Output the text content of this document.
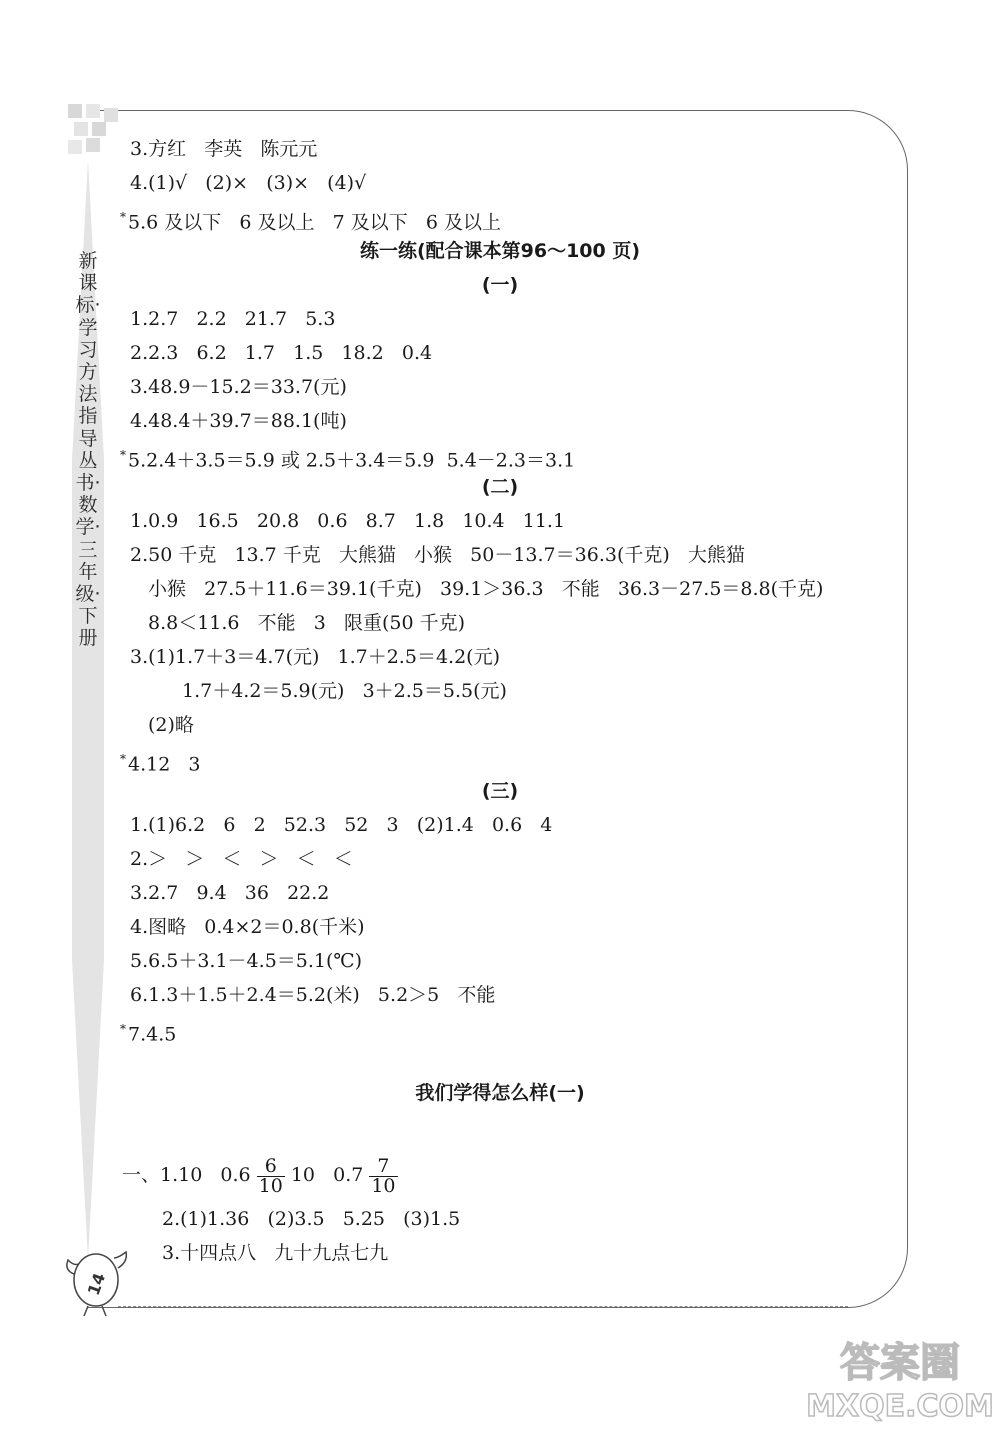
新课标·学习方法指导丛书·数学·三年级·下册
3.方红   李英   陈元元
4.(1)√   (2)×   (3)×   (4)√
* 5.6 及以下   6 及以上   7 及以下   6 及以上
1.2.7   2.2   21.7   5.3
2.2.3   6.2   1.7   1.5   18.2   0.4
3.48.9－15.2＝33.7(元)
4.48.4＋39.7＝88.1(吨)
* 5.2.4＋3.5＝5.9 或 2.5＋3.4＝5.9  5.4－2.3＝3.1
1.0.9   16.5   20.8   0.6   8.7   1.8   10.4   11.1
2.50 千克   13.7 千克   大熊猫   小猴   50－13.7＝36.3(千克)   大熊猫
小猴   27.5＋11.6＝39.1(千克)   39.1＞36.3   不能   36.3－27.5＝8.8(千克)
8.8＜11.6   不能   3   限重(50 千克)
3.(1)1.7＋3＝4.7(元)   1.7＋2.5＝4.2(元)
1.7＋4.2＝5.9(元)   3＋2.5＝5.5(元)
(2)略
* 4.12   3
1.(1)6.2   6   2   52.3   52   3   (2)1.4   0.6   4
2.＞   ＞   ＜   ＞   ＜   ＜
3.2.7   9.4   36   22.2
4.图略   0.4×2＝0.8(千米)
5.6.5＋3.1－4.5＝5.1(℃)
6.1.3＋1.5＋2.4＝5.2(米)   5.2＞5   不能
* 7.4.5
2.(1)1.36   (2)3.5   5.25   (3)1.5
3.十四点八   九十九点七九
练一练(配合课本第96～100 页)
(一)
(二)
(三)
我们学得怎么样(一)
一、1.10   $0.6 \frac{6}{10} 10$   $0.7 \frac{7}{10}$
14
答案圈
MXQE.COM
